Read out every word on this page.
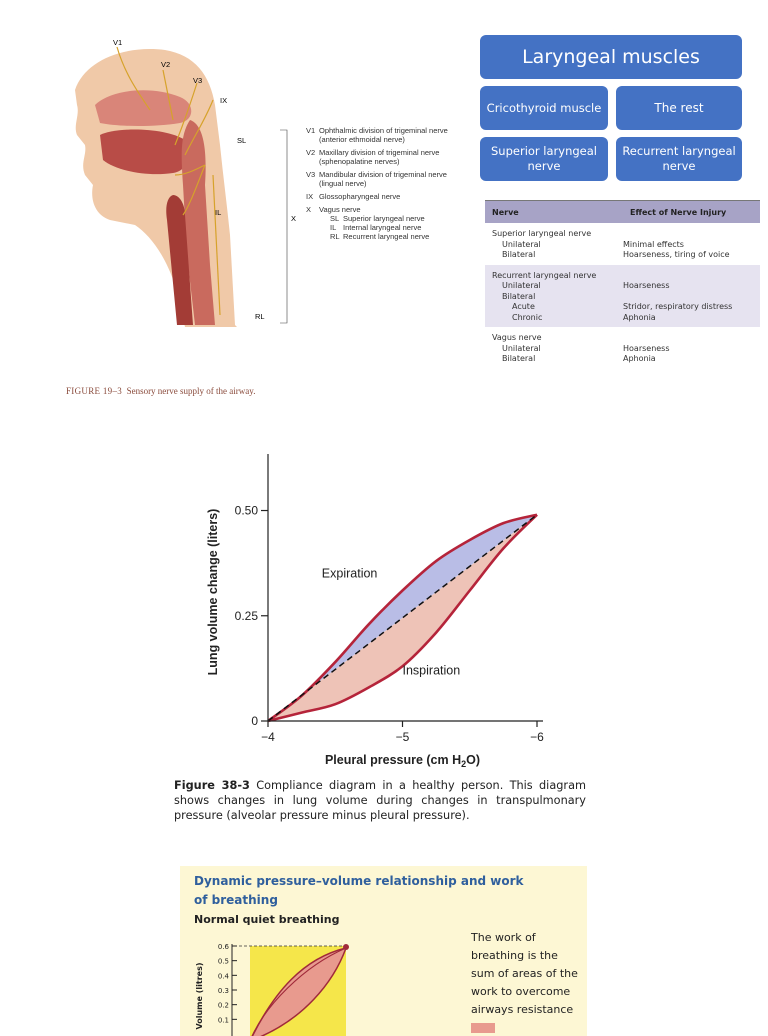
V1
V2
V3
IX
SL
IL
RL
X
V1 Ophthalmic division of trigeminal nerve
(anterior ethmoidal nerve)
V2 Maxillary division of trigeminal nerve
(sphenopalatine nerves)
V3 Mandibular division of trigeminal nerve
(lingual nerve)
IX Glossopharyngeal nerve
X Vagus nerve
SL Superior laryngeal nerve
IL Internal laryngeal nerve
RL Recurrent laryngeal nerve
FIGURE 19–3 Sensory nerve supply of the airway.
Laryngeal muscles
Cricothyroid muscle	The rest
Superior laryngeal nerve
Recurrent laryngeal nerve
Nerve	Effect of Nerve Injury
Superior laryngeal nerve
Unilateral	Minimal effects
Bilateral	Hoarseness, tiring of voice
Recurrent laryngeal nerve
Unilateral	Hoarseness
Bilateral
Acute	Stridor, respiratory distress
Chronic	Aphonia
Vagus nerve
Unilateral	Hoarseness
Bilateral	Aphonia
−4	−5	−6
0
0.25
0.50
Expiration
Inspiration
Pleural pressure (cm $H_2O$)
Lung volume change (liters)
Figure 38-3 Compliance diagram in a healthy person. This diagram shows changes in lung volume during changes in transpulmonary pressure (alveolar pressure minus pleural pressure).
Dynamic pressure–volume relationship and work of breathing
Normal quiet breathing
The work of breathing is the sum of areas of the work to overcome airways resistance
0.1
0.2
0.3
0.4
0.5
0.6
Volume (litres)
